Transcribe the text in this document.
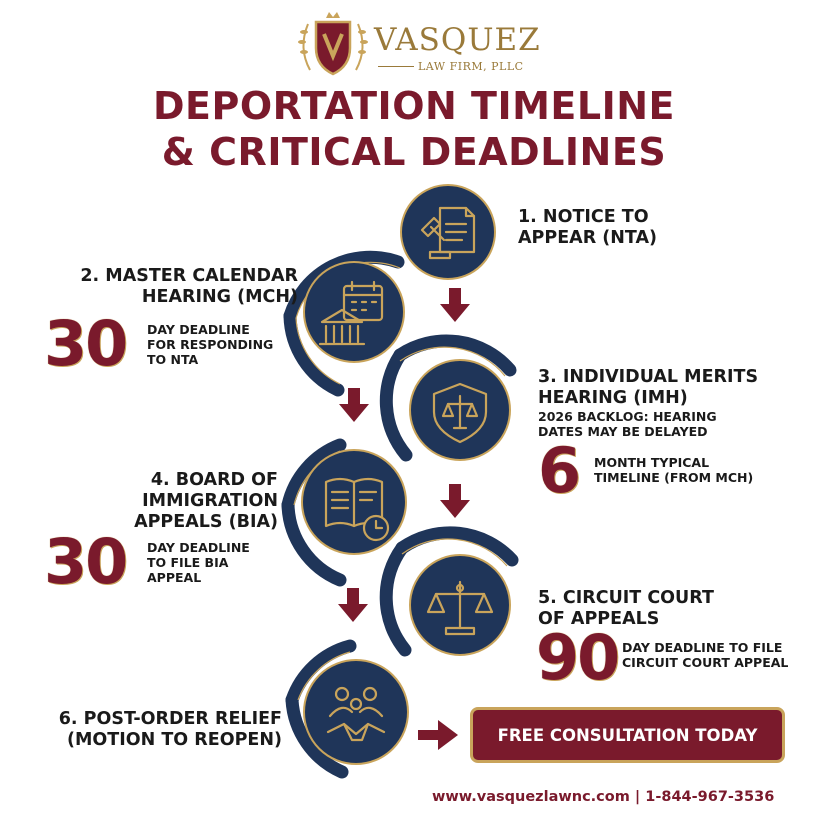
VASQUEZ
LAW FIRM, PLLC
DEPORTATION TIMELINE
& CRITICAL DEADLINES
1. NOTICE TO
APPEAR (NTA)
2. MASTER CALENDAR
HEARING (MCH)
30 DAY DEADLINE
FOR RESPONDING
TO NTA
3. INDIVIDUAL MERITS
HEARING (IMH)
2026 BACKLOG: HEARING
DATES MAY BE DELAYED
6 MONTH TYPICAL
TIMELINE (FROM MCH)
4. BOARD OF
IMMIGRATION
APPEALS (BIA)
30 DAY DEADLINE
TO FILE BIA
APPEAL
5. CIRCUIT COURT
OF APPEALS
90 DAY DEADLINE TO FILE
CIRCUIT COURT APPEAL
6. POST-ORDER RELIEF
(MOTION TO REOPEN)	FREE CONSULTATION TODAY
www.vasquezlawnc.com | 1-844-967-3536
